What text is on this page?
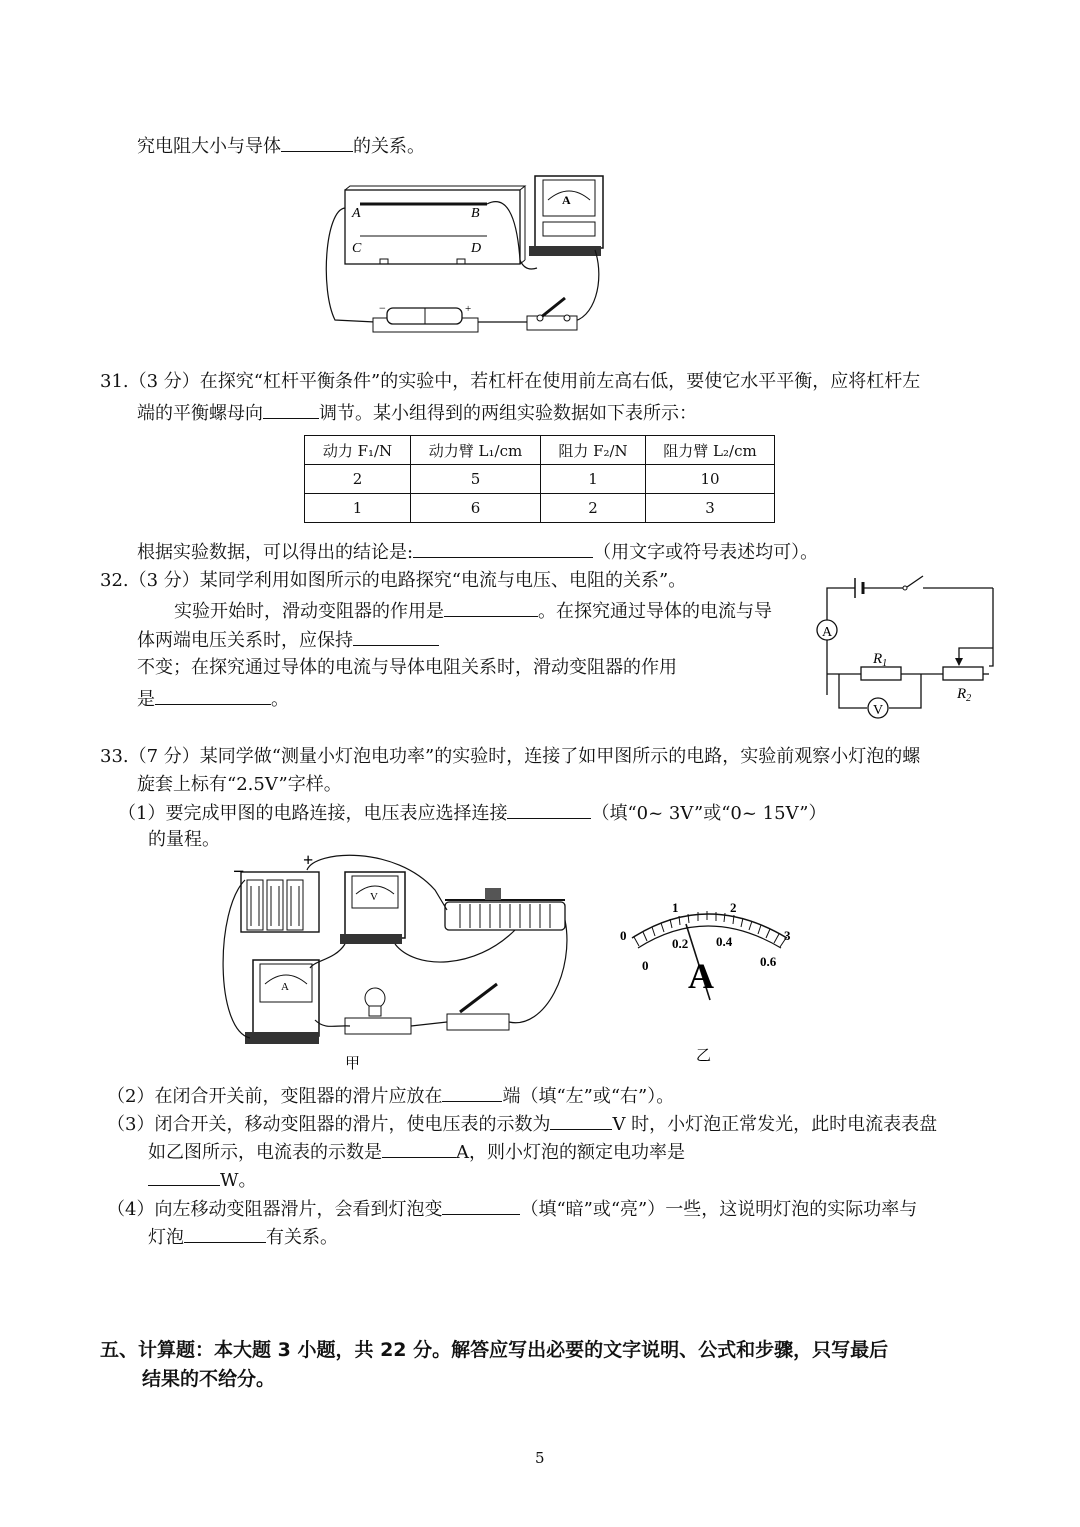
究电阻大小与导体	的关系。
A	B
C	D
A
−	+
31.（3 分）在探究“杠杆平衡条件”的实验中，若杠杆在使用前左高右低，要使它水平平衡，应将杠杆左
端的平衡螺母向	调节。某小组得到的两组实验数据如下表所示：
动力 F₁/N	动力臂 L₁/cm	阻力 F₂/N	阻力臂 L₂/cm
2	5	1	10
1	6	2	3
根据实验数据，可以得出的结论是:	（用文字或符号表述均可）。
32.（3 分）某同学利用如图所示的电路探究“电流与电压、电阻的关系”。
实验开始时，滑动变阻器的作用是	。在探究通过导体的电流与导
体两端电压关系时，应保持
不变；在探究通过导体的电流与导体电阻关系时，滑动变阻器的作用
是	。
A
$R_1$
$R_2$
V
33.（7 分）某同学做“测量小灯泡电功率”的实验时，连接了如甲图所示的电路，实验前观察小灯泡的螺
旋套上标有“2.5V”字样。
（1）要完成甲图的电路连接，电压表应选择连接	（填“0~ 3V”或“0~ 15V”）
的量程。
−
+
V
A
甲
0
1	2
3
0
0.2 0.4
0.6
A
乙
（2）在闭合开关前，变阻器的滑片应放在	端（填“左”或“右”）。
（3）闭合开关，移动变阻器的滑片，使电压表的示数为	V 时，小灯泡正常发光，此时电流表表盘
如乙图所示，电流表的示数是	A，则小灯泡的额定电功率是
W。
（4）向左移动变阻器滑片，会看到灯泡变	（填“暗”或“亮”）一些，这说明灯泡的实际功率与
灯泡	有关系。
五、计算题：本大题 3 小题，共 22 分。解答应写出必要的文字说明、公式和步骤，只写最后
结果的不给分。
5
